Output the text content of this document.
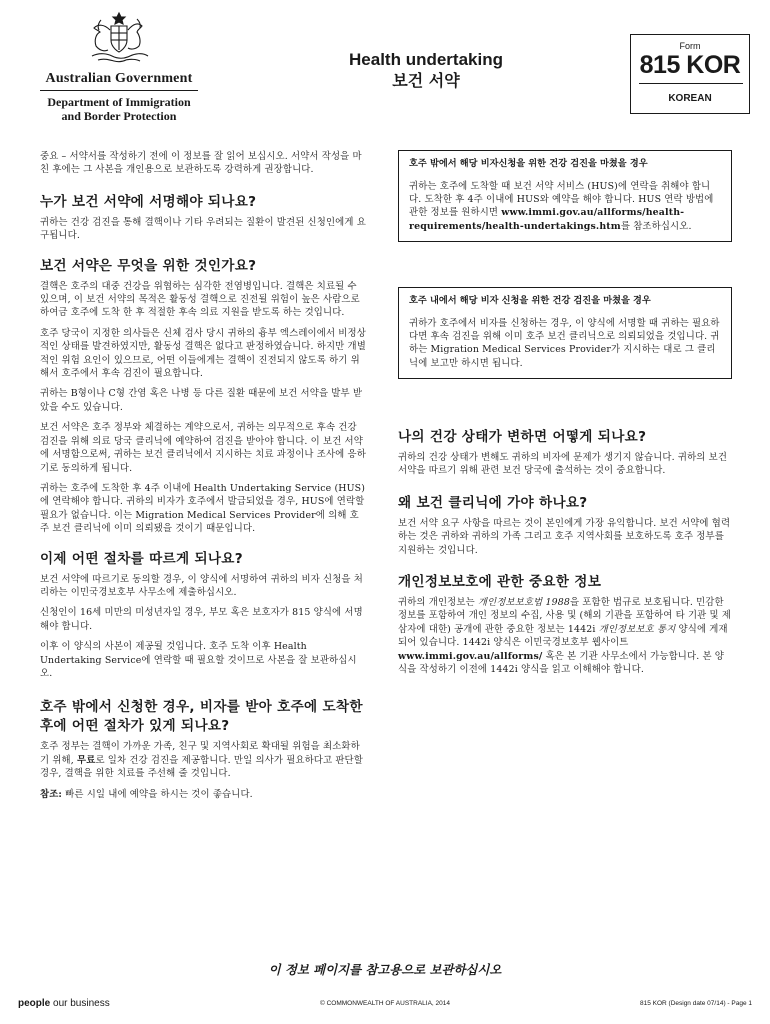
Australian Government
Department of Immigration and Border Protection
Health undertaking
보건 서약
Form
815 KOR
KOREAN

중요 – 서약서를 작성하기 전에 이 정보를 잘 읽어 보십시오. 서약서 작성을 마친 후에는 그 사본을 개인용으로 보관하도록 강력하게 권장합니다.

누가 보건 서약에 서명해야 되나요?

귀하는 건강 검진을 통해 결핵이나 기타 우려되는 질환이 발견된 신청인에게 요구됩니다.

보건 서약은 무엇을 위한 것인가요?

결핵은 호주의 대중 건강을 위협하는 심각한 전염병입니다. 결핵은 치료될 수 있으며, 이 보건 서약의 목적은 활동성 결핵으로 진전될 위험이 높은 사람으로 하여금 호주에 도착 한 후 적절한 후속 의료 지원을 받도록 하는 것입니다.

호주 당국이 지정한 의사들은 신체 검사 당시 귀하의 흉부 엑스레이에서 비정상적인 상태를 발견하였지만, 활동성 결핵은 없다고 판정하였습니다. 하지만 개별적인 위험 요인이 있으므로, 어떤 이들에게는 결핵이 진전되지 않도록 하기 위해서 호주에서 후속 검진이 필요합니다.

귀하는 B형이나 C형 간염 혹은 나병 등 다른 질환 때문에 보건 서약을 발부 받았을 수도 있습니다.

보건 서약은 호주 정부와 체결하는 계약으로서, 귀하는 의무적으로 후속 건강 검진을 위해 의료 당국 클리닉에 예약하여 검진을 받아야 합니다. 이 보건 서약에 서명함으로써, 귀하는 보건 클리닉에서 지시하는 치료 과정이나 조사에 응하기로 동의하게 됩니다.

귀하는 호주에 도착한 후 4주 이내에 Health Undertaking Service (HUS)에 연락해야 합니다. 귀하의 비자가 호주에서 발급되었을 경우, HUS에 연락할 필요가 없습니다. 이는 Migration Medical Services Provider에 의해 호주 보건 클리닉에 이미 의뢰됐을 것이기 때문입니다.

이제 어떤 절차를 따르게 되나요?

보건 서약에 따르기로 동의할 경우, 이 양식에 서명하여 귀하의 비자 신청을 처리하는 이민국경보호부 사무소에 제출하십시오.

신청인이 16세 미만의 미성년자일 경우, 부모 혹은 보호자가 815 양식에 서명해야 합니다.

이후 이 양식의 사본이 제공될 것입니다. 호주 도착 이후 Health Undertaking Service에 연락할 때 필요할 것이므로 사본을 잘 보관하십시오.

호주 밖에서 신청한 경우, 비자를 받아 호주에 도착한 후에 어떤 절차가 있게 되나요?

호주 정부는 결핵이 가까운 가족, 친구 및 지역사회로 확대될 위험을 최소화하기 위해, 무료로 일차 건강 검진을 제공합니다. 만일 의사가 필요하다고 판단할 경우, 결핵을 위한 치료를 주선해 줄 것입니다.

참조: 빠른 시일 내에 예약을 하시는 것이 좋습니다.

호주 밖에서 해당 비자신청을 위한 건강 검진을 마쳤을 경우

귀하는 호주에 도착할 때 보건 서약 서비스 (HUS)에 연락을 취해야 합니다. 도착한 후 4주 이내에 HUS와 예약을 해야 합니다. HUS 연락 방법에 관한 정보를 원하시면 www.immi.gov.au/allforms/health-requirements/health-undertakings.htm를 참조하십시오.

호주 내에서 해당 비자 신청을 위한 건강 검진을 마쳤을 경우

귀하가 호주에서 비자를 신청하는 경우, 이 양식에 서명할 때 귀하는 필요하다면 후속 검진을 위해 이미 호주 보건 클리닉으로 의뢰되었을 것입니다. 귀하는 Migration Medical Services Provider가 지시하는 대로 그 클리닉에 보고만 하시면 됩니다.

나의 건강 상태가 변하면 어떻게 되나요?

귀하의 건강 상태가 변해도 귀하의 비자에 문제가 생기지 않습니다. 귀하의 보건 서약을 따르기 위해 관련 보건 당국에 출석하는 것이 중요합니다.

왜 보건 클리닉에 가야 하나요?

보건 서약 요구 사항을 따르는 것이 본인에게 가장 유익합니다. 보건 서약에 협력하는 것은 귀하와 귀하의 가족 그리고 호주 지역사회를 보호하도록 호주 정부를 지원하는 것입니다.

개인정보보호에 관한 중요한 정보

귀하의 개인정보는 개인정보보호법 1988을 포함한 법규로 보호됩니다. 민감한 정보를 포함하여 개인 정보의 수집, 사용 및 (해외 기관을 포함하여 타 기관 및 제 삼자에 대한) 공개에 관한 중요한 정보는 1442i 개인정보보호 통지 양식에 게재되어 있습니다. 1442i 양식은 이민국경보호부 웹사이트 www.immi.gov.au/allforms/ 혹은 본 기관 사무소에서 가능합니다. 본 양식을 작성하기 이전에 1442i 양식을 읽고 이해해야 합니다.

이 정보 페이지를 참고용으로 보관하십시오
people our business	© COMMONWEALTH OF AUSTRALIA, 2014	815 KOR (Design date 07/14) - Page 1
